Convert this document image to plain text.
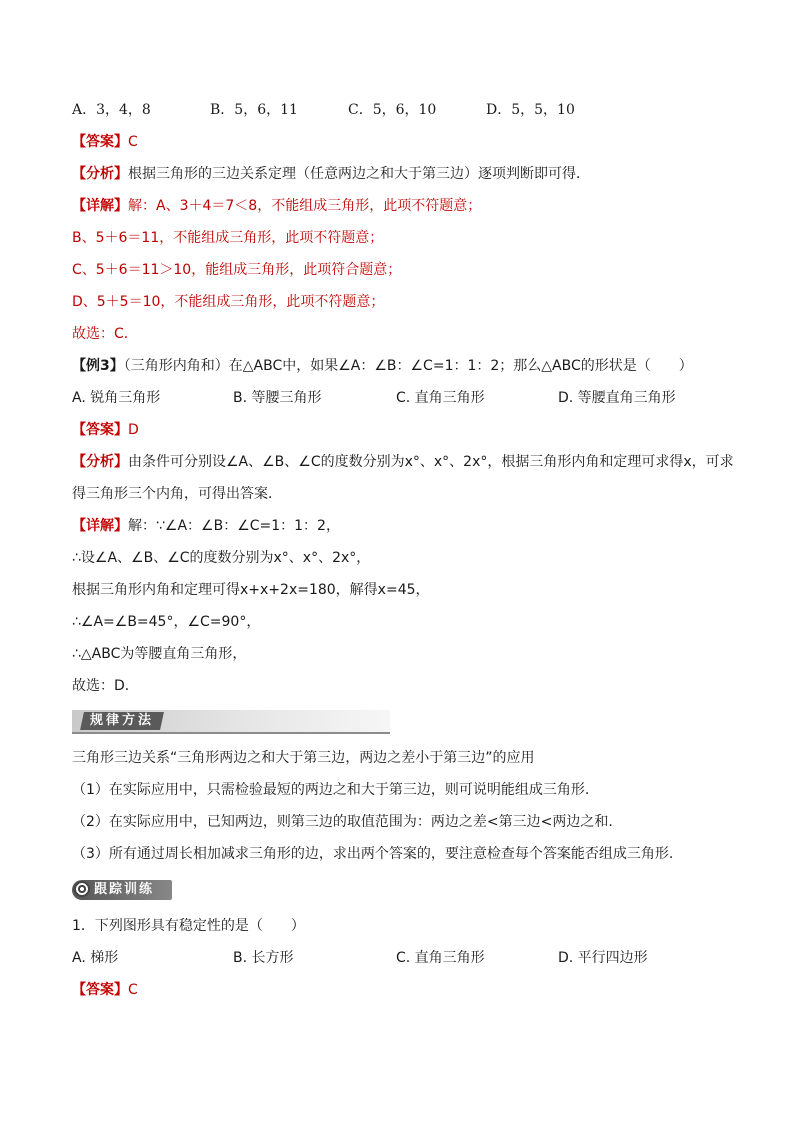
A．3，4，8	B．5，6，11	C．5，6，10	D．5，5，10
【答案】C
【分析】根据三角形的三边关系定理（任意两边之和大于第三边）逐项判断即可得．
【详解】解：A、3＋4＝7＜8，不能组成三角形，此项不符题意；
B、5＋6＝11，不能组成三角形，此项不符题意；
C、5＋6＝11＞10，能组成三角形，此项符合题意；
D、5＋5＝10，不能组成三角形，此项不符题意；
故选：C．
【例3】（三角形内角和）在△ABC中，如果∠A：∠B：∠C=1：1：2；那么△ABC的形状是（　　）
A. 锐角三角形	B. 等腰三角形	C. 直角三角形	D. 等腰直角三角形
【答案】D
【分析】由条件可分别设∠A、∠B、∠C的度数分别为x°、x°、2x°，根据三角形内角和定理可求得x，可求
得三角形三个内角，可得出答案．
【详解】解：∵∠A：∠B：∠C=1：1：2，
∴设∠A、∠B、∠C的度数分别为x°、x°、2x°，
根据三角形内角和定理可得x+x+2x=180，解得x=45，
∴∠A=∠B=45°，∠C=90°，
∴△ABC为等腰直角三角形，
故选：D．
规律方法
三角形三边关系“三角形两边之和大于第三边，两边之差小于第三边”的应用
（1）在实际应用中，只需检验最短的两边之和大于第三边，则可说明能组成三角形.
（2）在实际应用中，已知两边，则第三边的取值范围为：两边之差<第三边<两边之和.
（3）所有通过周长相加减求三角形的边，求出两个答案的，要注意检查每个答案能否组成三角形.
跟踪训练
1．下列图形具有稳定性的是（　　）
A. 梯形	B. 长方形	C. 直角三角形	D. 平行四边形
【答案】C
